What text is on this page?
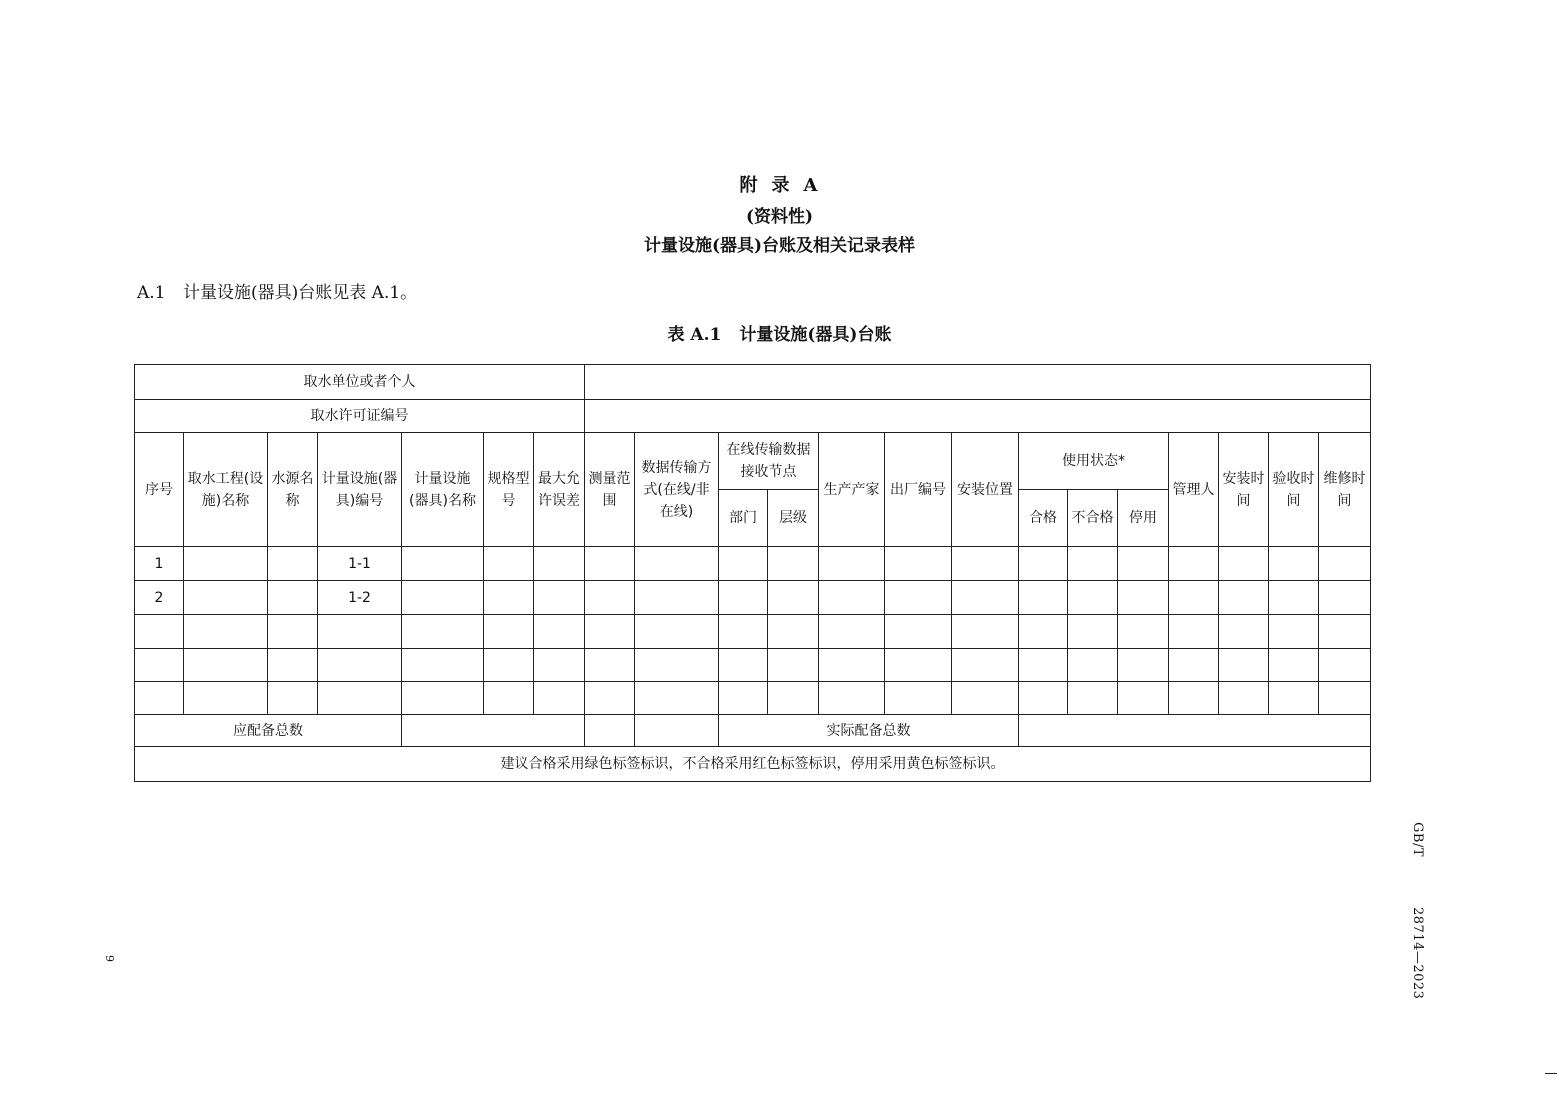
附 录 A
(资料性)
计量设施(器具)台账及相关记录表样
A.1 计量设施(器具)台账见表 A.1。
表 A.1 计量设施(器具)台账
取水单位或者个人																				
取水许可证编号																				
序号	取水工程(设施)名称	水源名称	计量设施(器具)编号	计量设施(器具)名称	规格型号	最大允许误差	测量范围	数据传输方式(在线/非在线)	在线传输数据接收节点		生产产家	出厂编号	安装位置	使用状态*			管理人	安装时间	验收时间	维修时间
									部门	层级				合格	不合格	停用				
1			1-1																	
2			1-2																	

应配备总数									实际配备总数											
建议合格采用绿色标签标识，不合格采用红色标签标识，停用采用黄色标签标识。																				
GB/T28714—2023
9
